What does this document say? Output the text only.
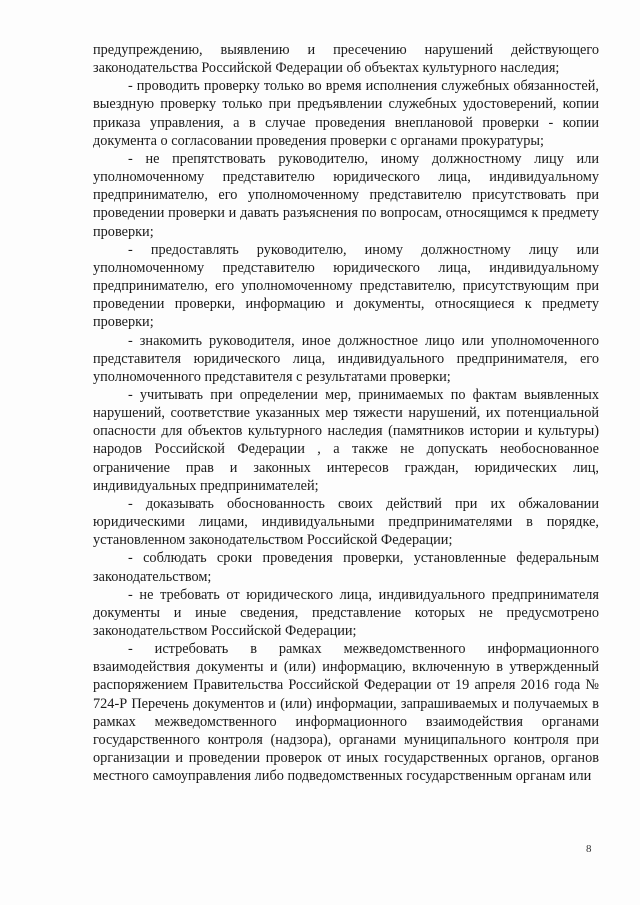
предупреждению, выявлению и пресечению нарушений действующего законодательства Российской Федерации об объектах культурного наследия;

- проводить проверку только во время исполнения служебных обязанностей, выездную проверку только при предъявлении служебных удостоверений, копии приказа управления, а в случае проведения внеплановой проверки - копии документа о согласовании проведения проверки с органами прокуратуры;

- не препятствовать руководителю, иному должностному лицу или уполномоченному представителю юридического лица, индивидуальному предпринимателю, его уполномоченному представителю присутствовать при проведении проверки и давать разъяснения по вопросам, относящимся к предмету проверки;

- предоставлять руководителю, иному должностному лицу или уполномоченному представителю юридического лица, индивидуальному предпринимателю, его уполномоченному представителю, присутствующим при проведении проверки, информацию и документы, относящиеся к предмету проверки;

- знакомить руководителя, иное должностное лицо или уполномоченного представителя юридического лица, индивидуального предпринимателя, его уполномоченного представителя с результатами проверки;

- учитывать при определении мер, принимаемых по фактам выявленных нарушений, соответствие указанных мер тяжести нарушений, их потенциальной опасности для объектов культурного наследия (памятников истории и культуры) народов Российской Федерации , а также не допускать необоснованное ограничение прав и законных интересов граждан, юридических лиц, индивидуальных предпринимателей;

- доказывать обоснованность своих действий при их обжаловании юридическими лицами, индивидуальными предпринимателями в порядке, установленном законодательством Российской Федерации;

- соблюдать сроки проведения проверки, установленные федеральным законодательством;

- не требовать от юридического лица, индивидуального предпринимателя документы и иные сведения, представление которых не предусмотрено законодательством Российской Федерации;

- истребовать в рамках межведомственного информационного взаимодействия документы и (или) информацию, включенную в утвержденный распоряжением Правительства Российской Федерации от 19 апреля 2016 года № 724-Р Перечень документов и (или) информации, запрашиваемых и получаемых в рамках межведомственного информационного взаимодействия органами государственного контроля (надзора), органами муниципального контроля при организации и проведении проверок от иных государственных органов, органов местного самоуправления либо подведомственных государственным органам или

8
